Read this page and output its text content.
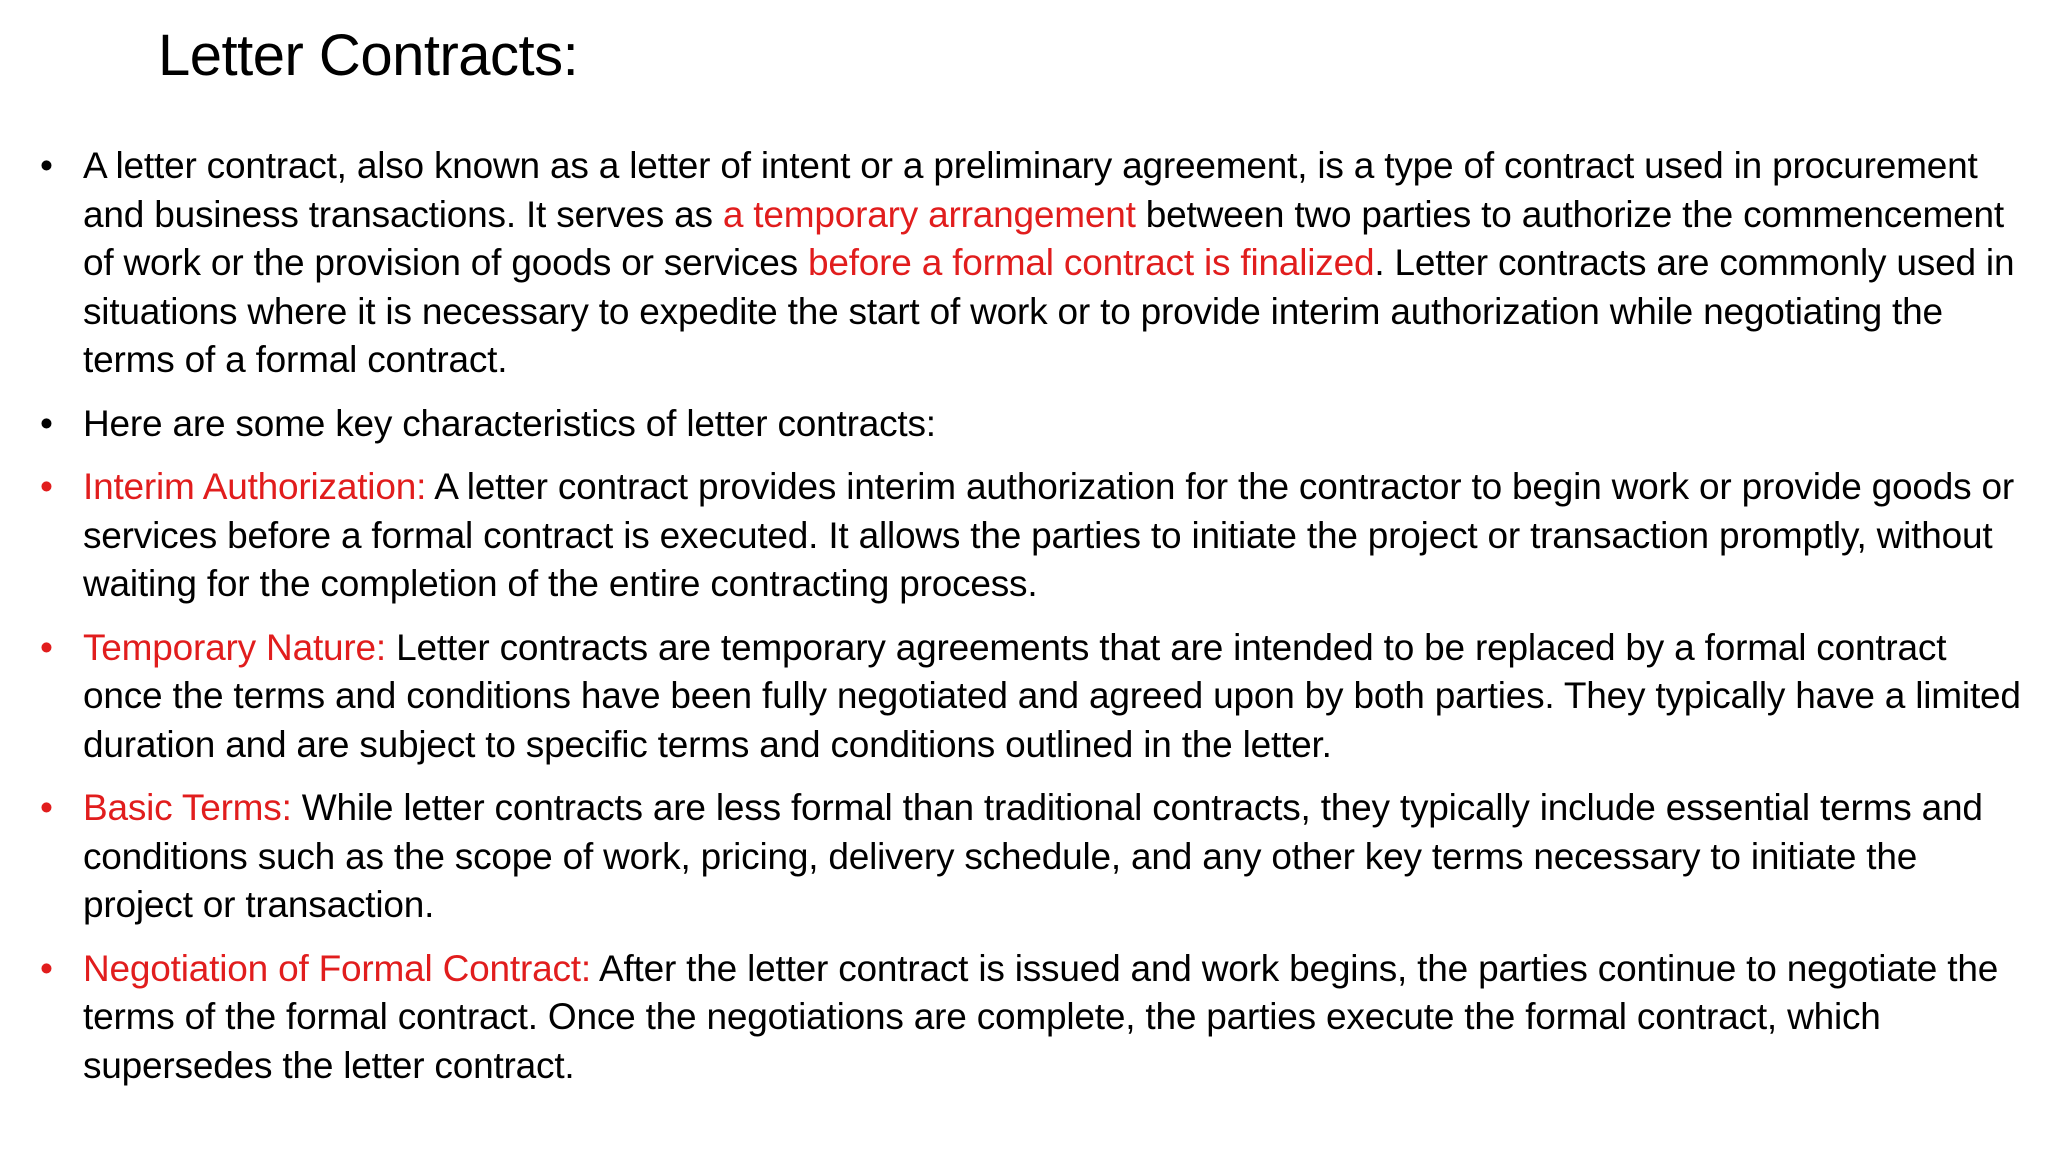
Letter Contracts:
• A letter contract, also known as a letter of intent or a preliminary agreement, is a type of contract used in procurement and business transactions. It serves as a temporary arrangement between two parties to authorize the commencement of work or the provision of goods or services before a formal contract is finalized. Letter contracts are commonly used in situations where it is necessary to expedite the start of work or to provide interim authorization while negotiating the terms of a formal contract.
• Here are some key characteristics of letter contracts:
• Interim Authorization: A letter contract provides interim authorization for the contractor to begin work or provide goods or services before a formal contract is executed. It allows the parties to initiate the project or transaction promptly, without waiting for the completion of the entire contracting process.
• Temporary Nature: Letter contracts are temporary agreements that are intended to be replaced by a formal contract once the terms and conditions have been fully negotiated and agreed upon by both parties. They typically have a limited duration and are subject to specific terms and conditions outlined in the letter.
• Basic Terms: While letter contracts are less formal than traditional contracts, they typically include essential terms and conditions such as the scope of work, pricing, delivery schedule, and any other key terms necessary to initiate the project or transaction.
• Negotiation of Formal Contract: After the letter contract is issued and work begins, the parties continue to negotiate the terms of the formal contract. Once the negotiations are complete, the parties execute the formal contract, which supersedes the letter contract.
